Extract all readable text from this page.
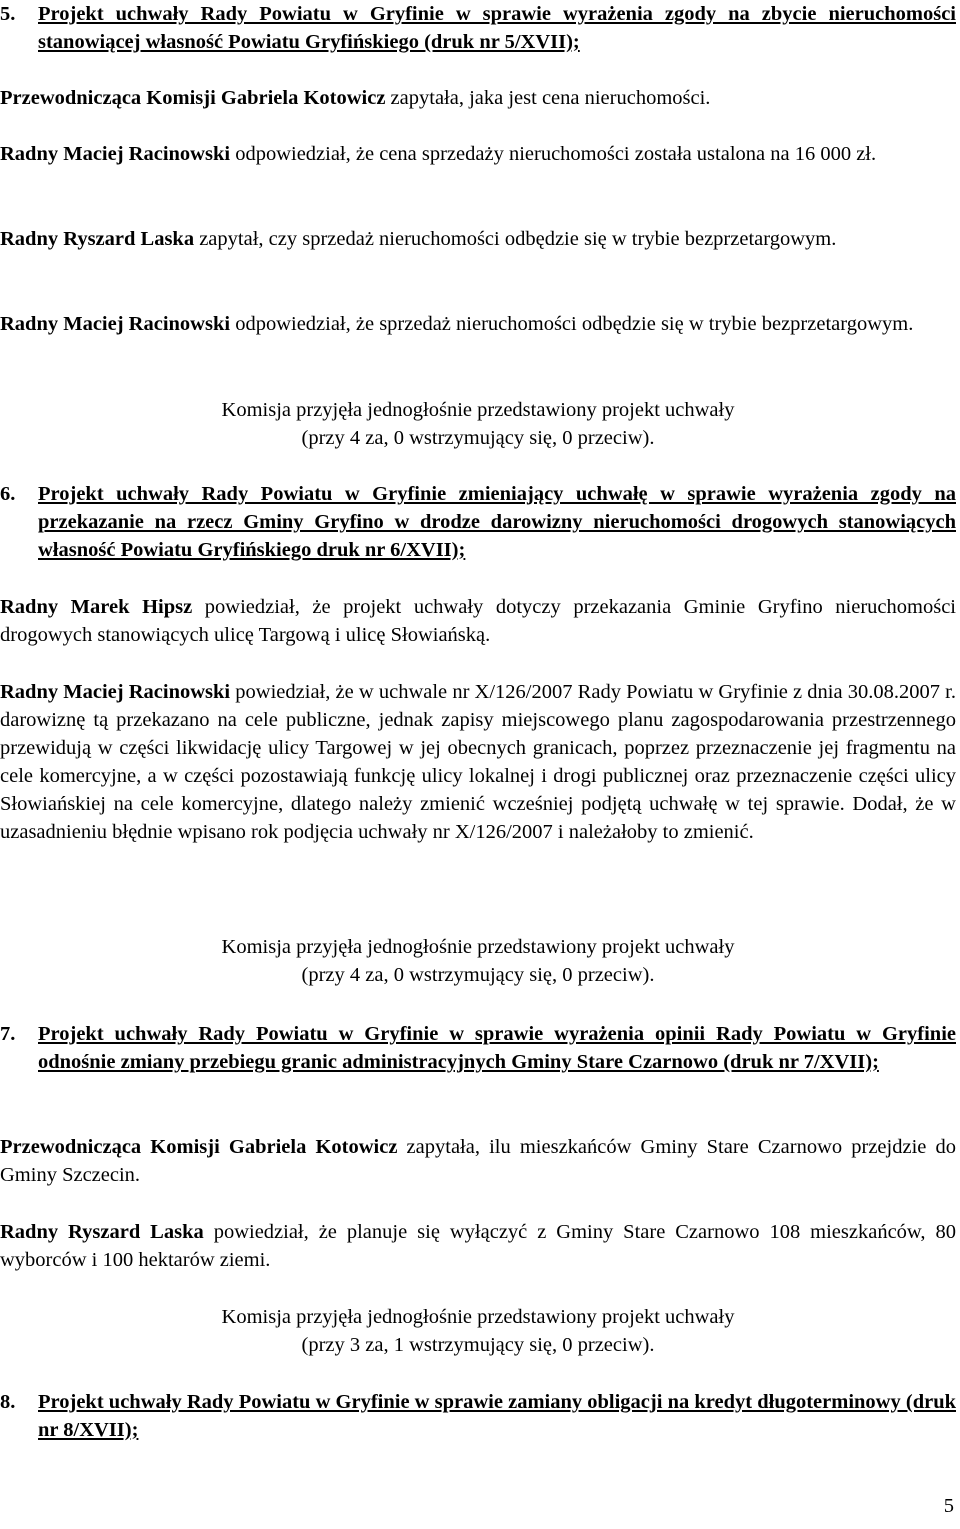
5. Projekt uchwały Rady Powiatu w Gryfinie w sprawie wyrażenia zgody na zbycie nieruchomości stanowiącej własność Powiatu Gryfińskiego (druk nr 5/XVII);

Przewodnicząca Komisji Gabriela Kotowicz zapytała, jaka jest cena nieruchomości.

Radny Maciej Racinowski odpowiedział, że cena sprzedaży nieruchomości została ustalona na 16 000 zł.

Radny Ryszard Laska zapytał, czy sprzedaż nieruchomości odbędzie się w trybie bezprzetargowym.

Radny Maciej Racinowski odpowiedział, że sprzedaż nieruchomości odbędzie się w trybie bezprzetargowym.

Komisja przyjęła jednogłośnie przedstawiony projekt uchwały
(przy 4 za, 0 wstrzymujący się, 0 przeciw).
6. Projekt uchwały Rady Powiatu w Gryfinie zmieniający uchwałę w sprawie wyrażenia zgody na przekazanie na rzecz Gminy Gryfino w drodze darowizny nieruchomości drogowych stanowiących własność Powiatu Gryfińskiego druk nr 6/XVII);

Radny Marek Hipsz powiedział, że projekt uchwały dotyczy przekazania Gminie Gryfino nieruchomości drogowych stanowiących ulicę Targową i ulicę Słowiańską.

Radny Maciej Racinowski powiedział, że w uchwale nr X/126/2007 Rady Powiatu w Gryfinie z dnia 30.08.2007 r. darowiznę tą przekazano na cele publiczne, jednak zapisy miejscowego planu zagospodarowania przestrzennego przewidują w części likwidację ulicy Targowej w jej obecnych granicach, poprzez przeznaczenie jej fragmentu na cele komercyjne, a w części pozostawiają funkcję ulicy lokalnej i drogi publicznej oraz przeznaczenie części ulicy Słowiańskiej na cele komercyjne, dlatego należy zmienić wcześniej podjętą uchwałę w tej sprawie. Dodał, że w uzasadnieniu błędnie wpisano rok podjęcia uchwały nr X/126/2007 i należałoby to zmienić.

Komisja przyjęła jednogłośnie przedstawiony projekt uchwały
(przy 4 za, 0 wstrzymujący się, 0 przeciw).
7. Projekt uchwały Rady Powiatu w Gryfinie w sprawie wyrażenia opinii Rady Powiatu w Gryfinie odnośnie zmiany przebiegu granic administracyjnych Gminy Stare Czarnowo (druk nr 7/XVII);

Przewodnicząca Komisji Gabriela Kotowicz zapytała, ilu mieszkańców Gminy Stare Czarnowo przejdzie do Gminy Szczecin.

Radny Ryszard Laska powiedział, że planuje się wyłączyć z Gminy Stare Czarnowo 108 mieszkańców, 80 wyborców i 100 hektarów ziemi.

Komisja przyjęła jednogłośnie przedstawiony projekt uchwały
(przy 3 za, 1 wstrzymujący się, 0 przeciw).
8. Projekt uchwały Rady Powiatu w Gryfinie w sprawie zamiany obligacji na kredyt długoterminowy (druk nr 8/XVII);

5
